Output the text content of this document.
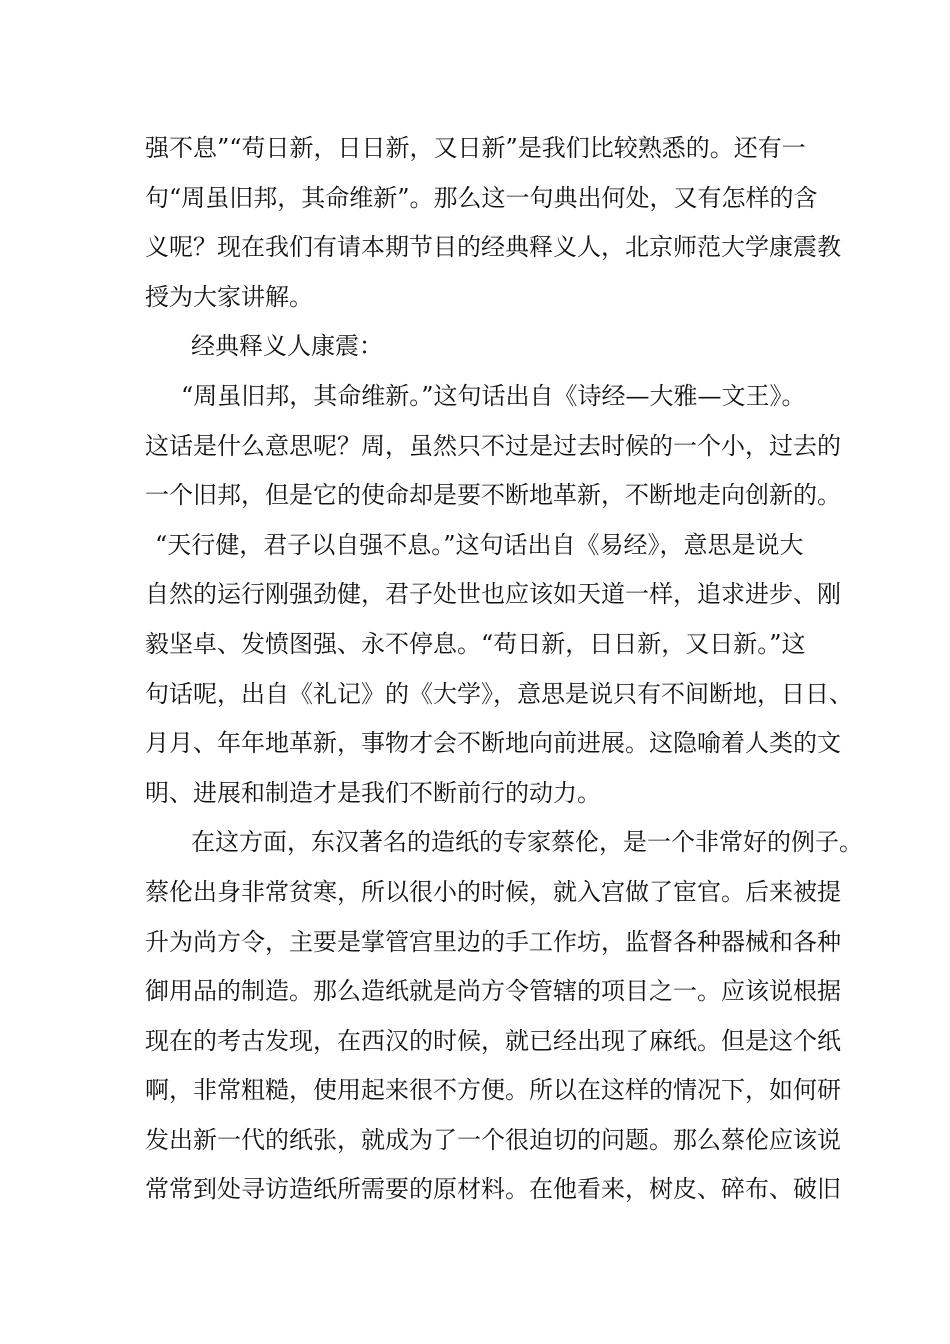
强不息”“苟日新，日日新，又日新”是我们比较熟悉的。还有一
句“周虽旧邦，其命维新”。那么这一句典出何处，又有怎样的含
义呢？现在我们有请本期节目的经典释义人，北京师范大学康震教
授为大家讲解。
经典释义人康震：
“周虽旧邦，其命维新。”这句话出自《诗经—大雅—文王》。
这话是什么意思呢？周，虽然只不过是过去时候的一个小，过去的
一个旧邦，但是它的使命却是要不断地革新，不断地走向创新的。
“天行健，君子以自强不息。”这句话出自《易经》，意思是说大
自然的运行刚强劲健，君子处世也应该如天道一样，追求进步、刚
毅坚卓、发愤图强、永不停息。“苟日新，日日新，又日新。”这
句话呢，出自《礼记》的《大学》，意思是说只有不间断地，日日、
月月、年年地革新，事物才会不断地向前进展。这隐喻着人类的文
明、进展和制造才是我们不断前行的动力。
在这方面，东汉著名的造纸的专家蔡伦，是一个非常好的例子。
蔡伦出身非常贫寒，所以很小的时候，就入宫做了宦官。后来被提
升为尚方令，主要是掌管宫里边的手工作坊，监督各种器械和各种
御用品的制造。那么造纸就是尚方令管辖的项目之一。应该说根据
现在的考古发现，在西汉的时候，就已经出现了麻纸。但是这个纸
啊，非常粗糙，使用起来很不方便。所以在这样的情况下，如何研
发出新一代的纸张，就成为了一个很迫切的问题。那么蔡伦应该说
常常到处寻访造纸所需要的原材料。在他看来，树皮、碎布、破旧
